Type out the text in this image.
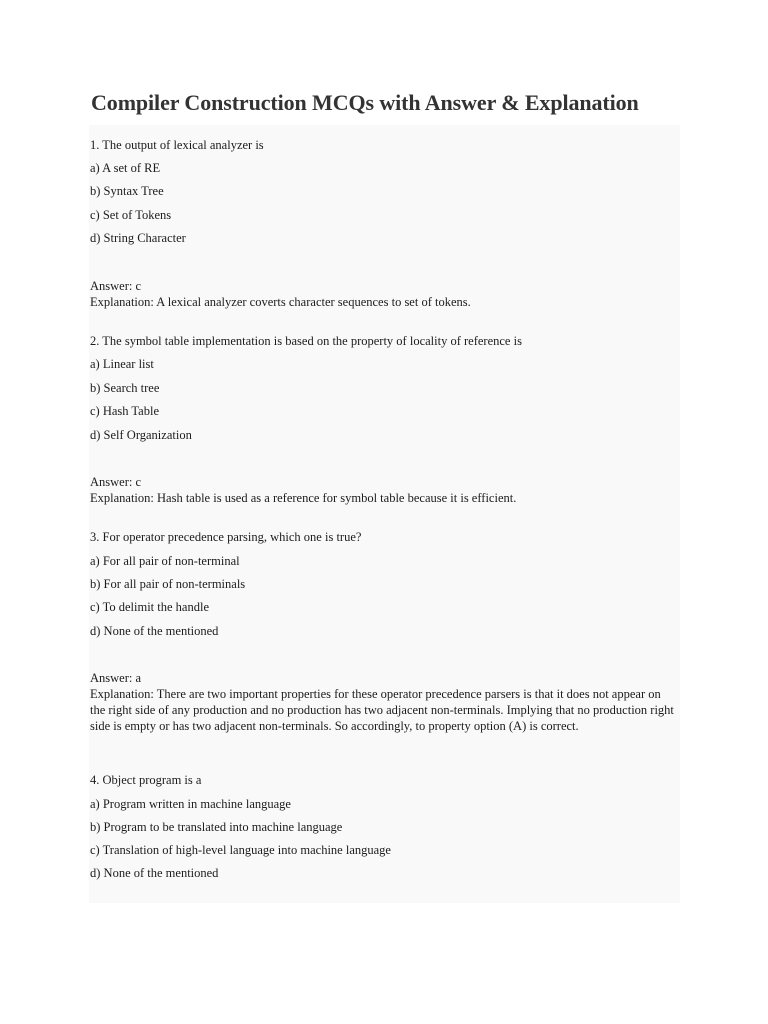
Compiler Construction MCQs with Answer & Explanation
1. The output of lexical analyzer is
a) A set of RE
b) Syntax Tree
c) Set of Tokens
d) String Character
Answer: c
Explanation: A lexical analyzer coverts character sequences to set of tokens.
2. The symbol table implementation is based on the property of locality of reference is
a) Linear list
b) Search tree
c) Hash Table
d) Self Organization
Answer: c
Explanation: Hash table is used as a reference for symbol table because it is efficient.
3. For operator precedence parsing, which one is true?
a) For all pair of non-terminal
b) For all pair of non-terminals
c) To delimit the handle
d) None of the mentioned
Answer: a
Explanation: There are two important properties for these operator precedence parsers is that it does not appear on the right side of any production and no production has two adjacent non-terminals. Implying that no production right side is empty or has two adjacent non-terminals. So accordingly, to property option (A) is correct.
4. Object program is a
a) Program written in machine language
b) Program to be translated into machine language
c) Translation of high-level language into machine language
d) None of the mentioned
